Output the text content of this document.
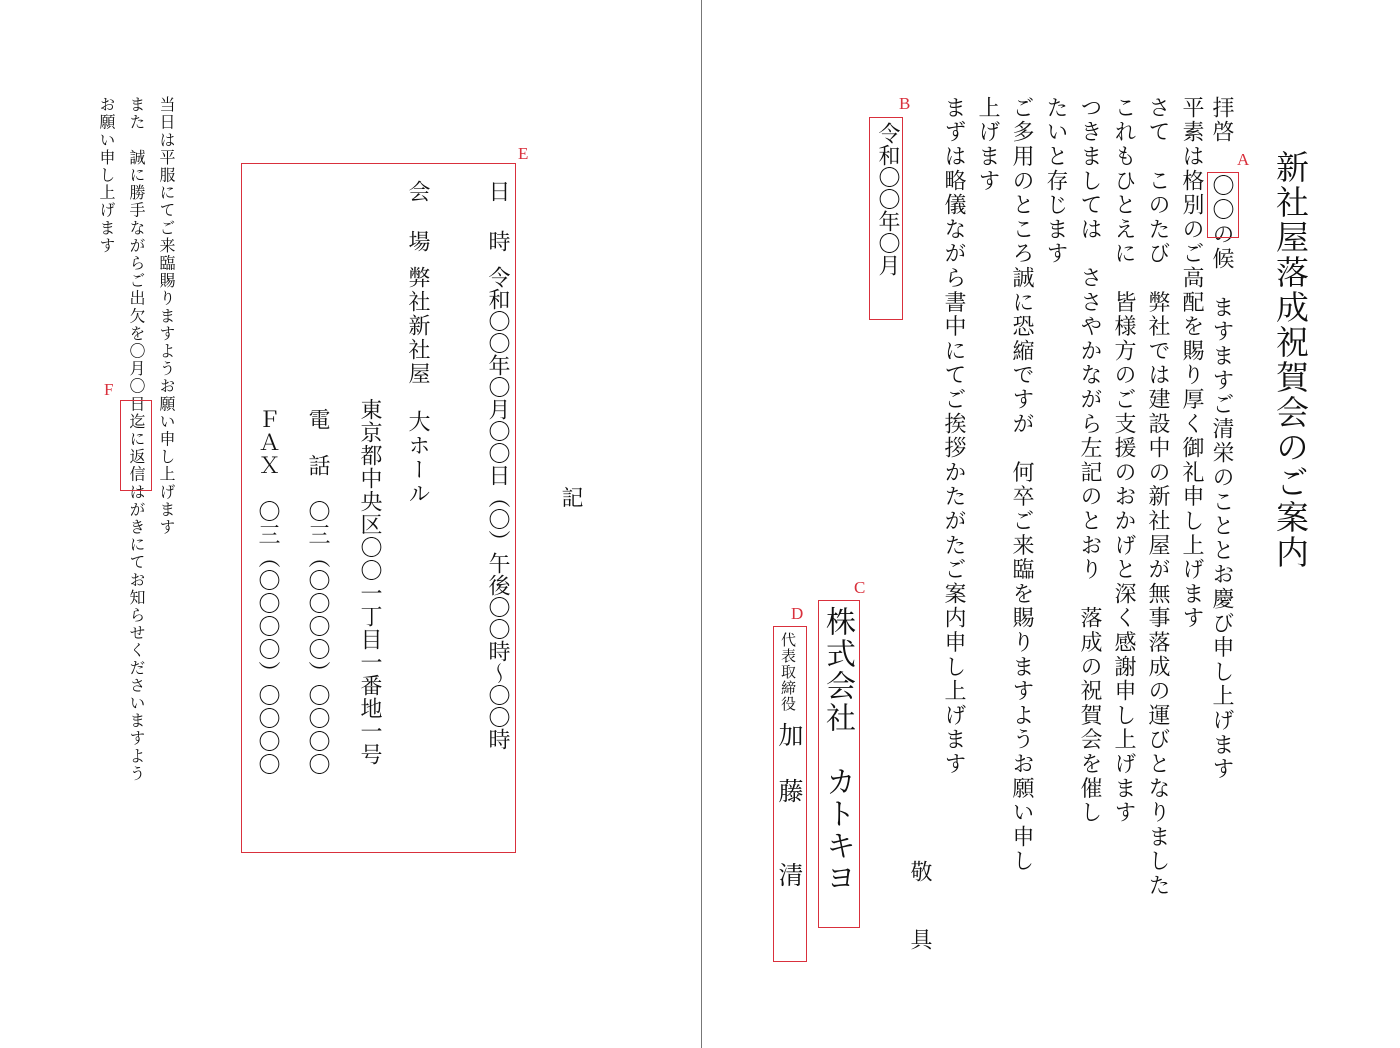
新社屋落成祝賀会のご案内
拝啓
〇〇の候　ますますご清栄のこととお慶び申し上げます
平素は格別のご高配を賜り厚く御礼申し上げます
さて　このたび　弊社では建設中の新社屋が無事落成の運びとなりました
これもひとえに　皆様方のご支援のおかげと深く感謝申し上げます
つきましては　ささやかながら左記のとおり　落成の祝賀会を催し
たいと存じます
ご多用のところ誠に恐縮ですが　何卒ご来臨を賜りますようお願い申し
上げます
まずは略儀ながら書中にてご挨拶かたがたご案内申し上げます
敬　具
令和〇〇年〇月
B
A
株式会社　カトキヨ
C
代表取締役
加　藤　　清
D
記
E
日　時
令和〇〇年〇月〇〇日（〇）午後〇〇時～〇〇時
会　場
弊社新社屋　大ホール
東京都中央区〇〇一丁目一番地一号
電　話　〇三（〇〇〇〇）〇〇〇〇
ＦＡＸ　〇三（〇〇〇〇）〇〇〇〇
当日は平服にてご来臨賜りますようお願い申し上げます
また　誠に勝手ながらご出欠を〇月〇日迄に返信はがきにてお知らせくださいますよう
お願い申し上げます
F
